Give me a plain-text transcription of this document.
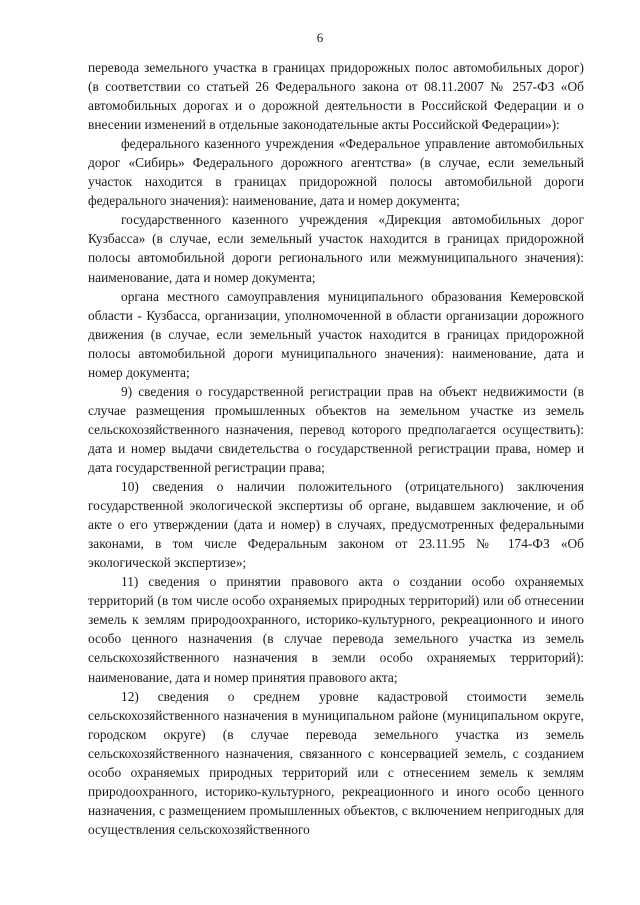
6

перевода земельного участка в границах придорожных полос автомобильных дорог) (в соответствии со статьей 26 Федерального закона от 08.11.2007 № 257-ФЗ «Об автомобильных дорогах и о дорожной деятельности в Российской Федерации и о внесении изменений в отдельные законодательные акты Российской Федерации»):

федерального казенного учреждения «Федеральное управление автомобильных дорог «Сибирь» Федерального дорожного агентства» (в случае, если земельный участок находится в границах придорожной полосы автомобильной дороги федерального значения): наименование, дата и номер документа;

государственного казенного учреждения «Дирекция автомобильных дорог Кузбасса» (в случае, если земельный участок находится в границах придорожной полосы автомобильной дороги регионального или межмуниципального значения): наименование, дата и номер документа;

органа местного самоуправления муниципального образования Кемеровской области - Кузбасса, организации, уполномоченной в области организации дорожного движения (в случае, если земельный участок находится в границах придорожной полосы автомобильной дороги муниципального значения): наименование, дата и номер документа;

9) сведения о государственной регистрации прав на объект недвижимости (в случае размещения промышленных объектов на земельном участке из земель сельскохозяйственного назначения, перевод которого предполагается осуществить): дата и номер выдачи свидетельства о государственной регистрации права, номер и дата государственной регистрации права;

10) сведения о наличии положительного (отрицательного) заключения государственной экологической экспертизы об органе, выдавшем заключение, и об акте о его утверждении (дата и номер) в случаях, предусмотренных федеральными законами, в том числе Федеральным законом от 23.11.95 № 174-ФЗ «Об экологической экспертизе»;

11) сведения о принятии правового акта о создании особо охраняемых территорий (в том числе особо охраняемых природных территорий) или об отнесении земель к землям природоохранного, историко-культурного, рекреационного и иного особо ценного назначения (в случае перевода земельного участка из земель сельскохозяйственного назначения в земли особо охраняемых территорий): наименование, дата и номер принятия правового акта;

12) сведения о среднем уровне кадастровой стоимости земель сельскохозяйственного назначения в муниципальном районе (муниципальном округе, городском округе) (в случае перевода земельного участка из земель сельскохозяйственного назначения, связанного с консервацией земель, с созданием особо охраняемых природных территорий или с отнесением земель к землям природоохранного, историко-культурного, рекреационного и иного особо ценного назначения, с размещением промышленных объектов, с включением непригодных для осуществления сельскохозяйственного
